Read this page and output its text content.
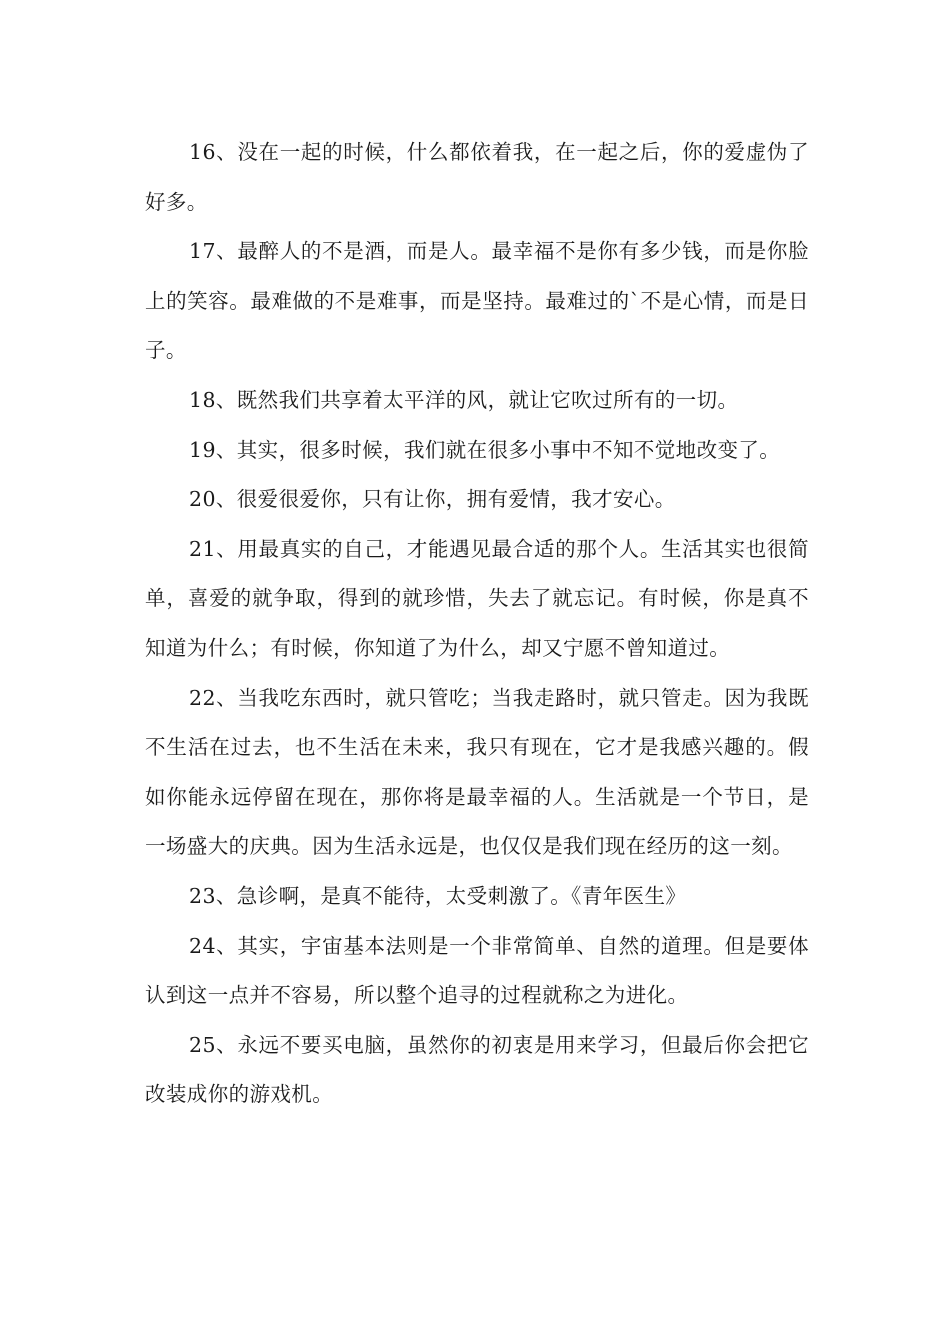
16、没在一起的时候，什么都依着我，在一起之后，你的爱虚伪了好多。

17、最醉人的不是酒，而是人。最幸福不是你有多少钱，而是你脸上的笑容。最难做的不是难事，而是坚持。最难过的`不是心情，而是日子。

18、既然我们共享着太平洋的风，就让它吹过所有的一切。

19、其实，很多时候，我们就在很多小事中不知不觉地改变了。

20、很爱很爱你，只有让你，拥有爱情，我才安心。

21、用最真实的自己，才能遇见最合适的那个人。生活其实也很简单，喜爱的就争取，得到的就珍惜，失去了就忘记。有时候，你是真不知道为什么；有时候，你知道了为什么，却又宁愿不曾知道过。

22、当我吃东西时，就只管吃；当我走路时，就只管走。因为我既不生活在过去，也不生活在未来，我只有现在，它才是我感兴趣的。假如你能永远停留在现在，那你将是最幸福的人。生活就是一个节日，是一场盛大的庆典。因为生活永远是，也仅仅是我们现在经历的这一刻。

23、急诊啊，是真不能待，太受刺激了。《青年医生》

24、其实，宇宙基本法则是一个非常简单、自然的道理。但是要体认到这一点并不容易，所以整个追寻的过程就称之为进化。

25、永远不要买电脑，虽然你的初衷是用来学习，但最后你会把它改装成你的游戏机。
